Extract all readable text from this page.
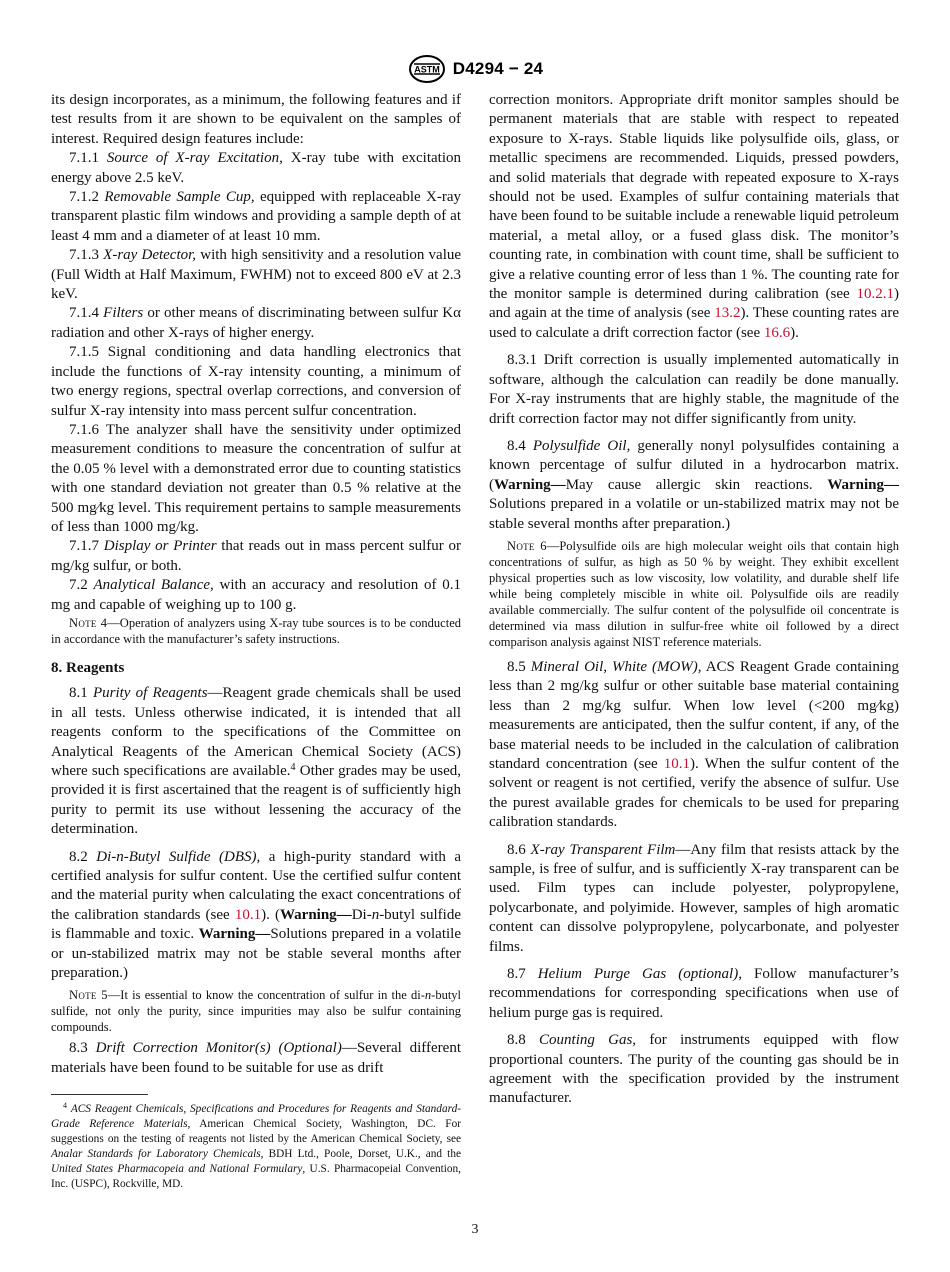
ASTM D4294 − 24

its design incorporates, as a minimum, the following features and if test results from it are shown to be equivalent on the samples of interest. Required design features include:

7.1.1 Source of X-ray Excitation, X-ray tube with excitation energy above 2.5 keV.

7.1.2 Removable Sample Cup, equipped with replaceable X-ray transparent plastic film windows and providing a sample depth of at least 4 mm and a diameter of at least 10 mm.

7.1.3 X-ray Detector, with high sensitivity and a resolution value (Full Width at Half Maximum, FWHM) not to exceed 800 eV at 2.3 keV.

7.1.4 Filters or other means of discriminating between sulfur Kα radiation and other X-rays of higher energy.

7.1.5 Signal conditioning and data handling electronics that include the functions of X-ray intensity counting, a minimum of two energy regions, spectral overlap corrections, and conversion of sulfur X-ray intensity into mass percent sulfur concentration.

7.1.6 The analyzer shall have the sensitivity under optimized measurement conditions to measure the concentration of sulfur at the 0.05 % level with a demonstrated error due to counting statistics with one standard deviation not greater than 0.5 % relative at the 500 mg⁄kg level. This requirement pertains to sample measurements of less than 1000 mg/kg.

7.1.7 Display or Printer that reads out in mass percent sulfur or mg/kg sulfur, or both.

7.2 Analytical Balance, with an accuracy and resolution of 0.1 mg and capable of weighing up to 100 g.

Note 4—Operation of analyzers using X-ray tube sources is to be conducted in accordance with the manufacturer’s safety instructions.

8. Reagents

8.1 Purity of Reagents—Reagent grade chemicals shall be used in all tests. Unless otherwise indicated, it is intended that all reagents conform to the specifications of the Committee on Analytical Reagents of the American Chemical Society (ACS) where such specifications are available.$^4$ Other grades may be used, provided it is first ascertained that the reagent is of sufficiently high purity to permit its use without lessening the accuracy of the determination.

8.2 Di-n-Butyl Sulfide (DBS), a high-purity standard with a certified analysis for sulfur content. Use the certified sulfur content and the material purity when calculating the exact concentrations of the calibration standards (see 10.1). (Warning—Di-n-butyl sulfide is flammable and toxic. Warning—Solutions prepared in a volatile or un-stabilized matrix may not be stable several months after preparation.)

Note 5—It is essential to know the concentration of sulfur in the di-n-butyl sulfide, not only the purity, since impurities may also be sulfur containing compounds.

8.3 Drift Correction Monitor(s) (Optional)—Several different materials have been found to be suitable for use as drift

$^4$ ACS Reagent Chemicals, Specifications and Procedures for Reagents and Standard-Grade Reference Materials, American Chemical Society, Washington, DC. For suggestions on the testing of reagents not listed by the American Chemical Society, see Analar Standards for Laboratory Chemicals, BDH Ltd., Poole, Dorset, U.K., and the United States Pharmacopeia and National Formulary, U.S. Pharmacopeial Convention, Inc. (USPC), Rockville, MD.

correction monitors. Appropriate drift monitor samples should be permanent materials that are stable with respect to repeated exposure to X-rays. Stable liquids like polysulfide oils, glass, or metallic specimens are recommended. Liquids, pressed powders, and solid materials that degrade with repeated exposure to X-rays should not be used. Examples of sulfur containing materials that have been found to be suitable include a renewable liquid petroleum material, a metal alloy, or a fused glass disk. The monitor’s counting rate, in combination with count time, shall be sufficient to give a relative counting error of less than 1 %. The counting rate for the monitor sample is determined during calibration (see 10.2.1) and again at the time of analysis (see 13.2). These counting rates are used to calculate a drift correction factor (see 16.6).

8.3.1 Drift correction is usually implemented automatically in software, although the calculation can readily be done manually. For X-ray instruments that are highly stable, the magnitude of the drift correction factor may not differ significantly from unity.

8.4 Polysulfide Oil, generally nonyl polysulfides containing a known percentage of sulfur diluted in a hydrocarbon matrix. (Warning—May cause allergic skin reactions. Warning—Solutions prepared in a volatile or un-stabilized matrix may not be stable several months after preparation.)

Note 6—Polysulfide oils are high molecular weight oils that contain high concentrations of sulfur, as high as 50 % by weight. They exhibit excellent physical properties such as low viscosity, low volatility, and durable shelf life while being completely miscible in white oil. Polysulfide oils are readily available commercially. The sulfur content of the polysulfide oil concentrate is determined via mass dilution in sulfur-free white oil followed by a direct comparison analysis against NIST reference materials.

8.5 Mineral Oil, White (MOW), ACS Reagent Grade containing less than 2 mg/kg sulfur or other suitable base material containing less than 2 mg/kg sulfur. When low level (<200 mg⁄kg) measurements are anticipated, then the sulfur content, if any, of the base material needs to be included in the calculation of calibration standard concentration (see 10.1). When the sulfur content of the solvent or reagent is not certified, verify the absence of sulfur. Use the purest available grades for chemicals to be used for preparing calibration standards.

8.6 X-ray Transparent Film—Any film that resists attack by the sample, is free of sulfur, and is sufficiently X-ray transparent can be used. Film types can include polyester, polypropylene, polycarbonate, and polyimide. However, samples of high aromatic content can dissolve polypropylene, polycarbonate, and polyester films.

8.7 Helium Purge Gas (optional), Follow manufacturer’s recommendations for corresponding specifications when use of helium purge gas is required.

8.8 Counting Gas, for instruments equipped with flow proportional counters. The purity of the counting gas should be in agreement with the specification provided by the instrument manufacturer.

3
